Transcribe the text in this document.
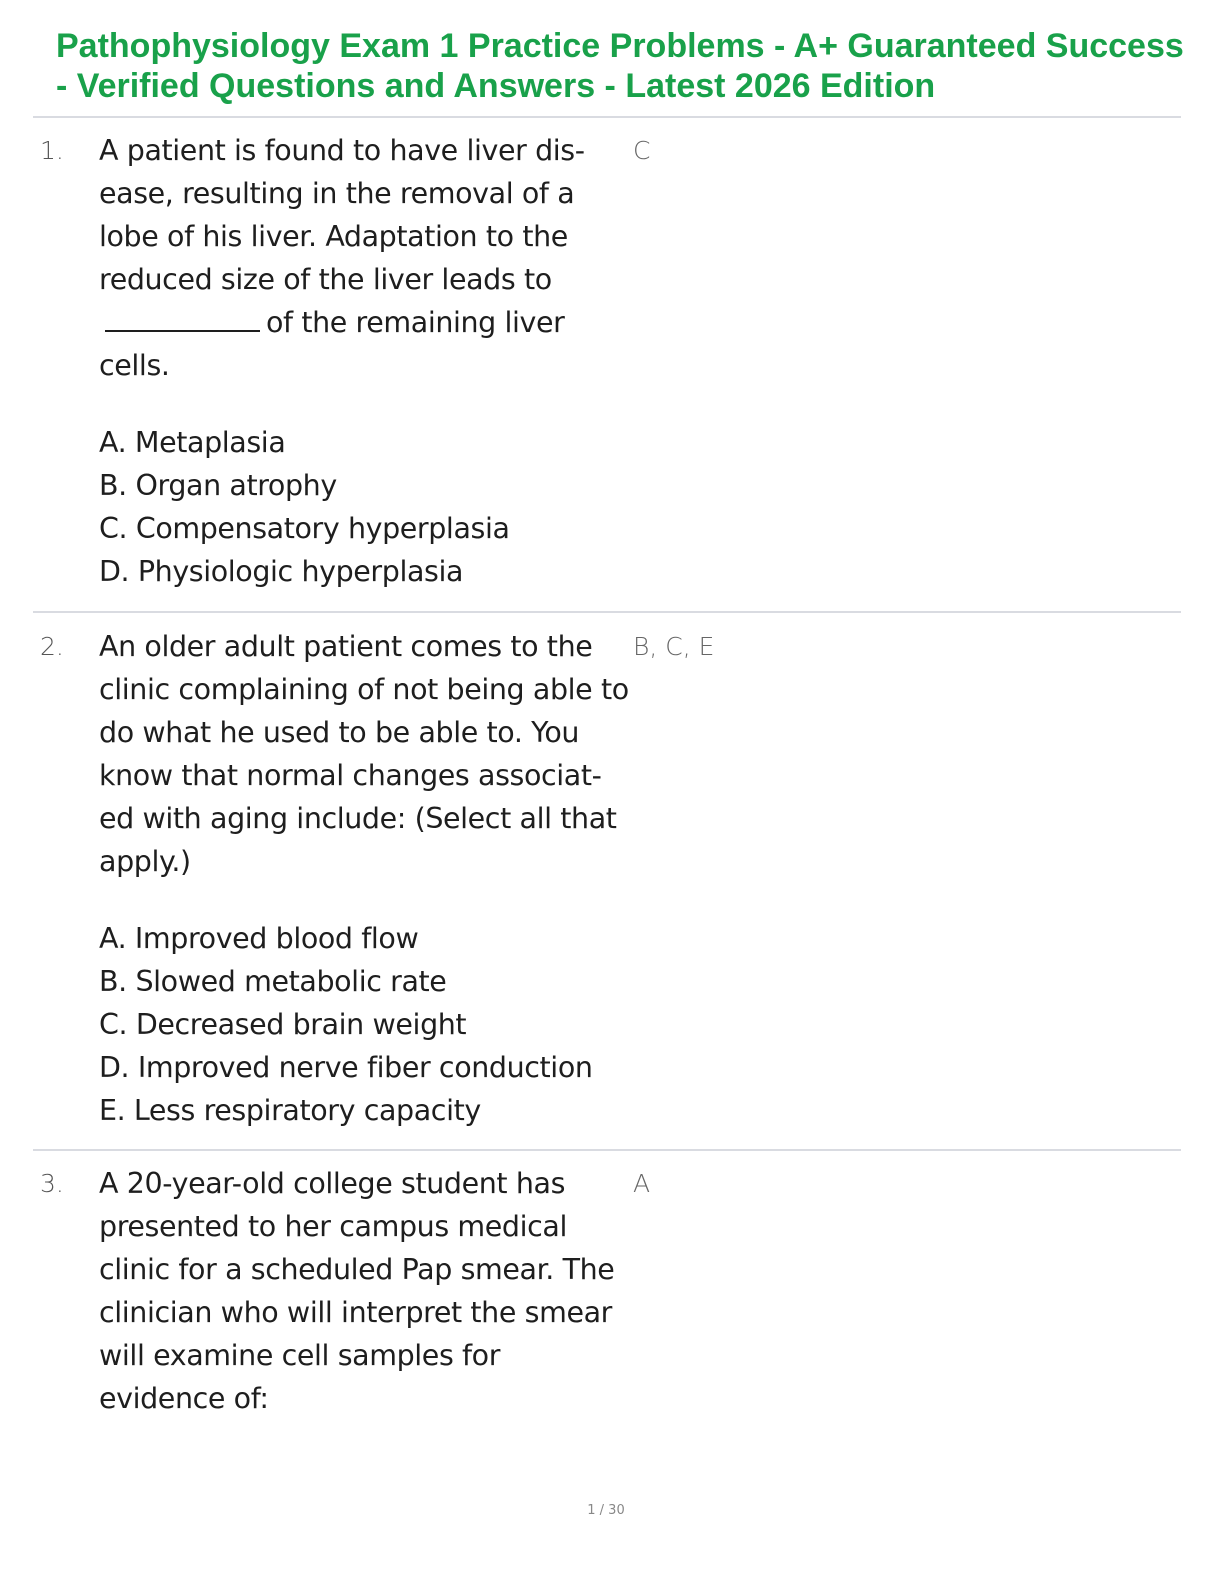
Pathophysiology Exam 1 Practice Problems - A+ Guaranteed Success - Verified Questions and Answers - Latest 2026 Edition
1. A patient is found to have liver dis-ease, resulting in the removal of a lobe of his liver. Adaptation to the reduced size of the liver leads toof the remaining liver cells.

A. Metaplasia
B. Organ atrophy
C. Compensatory hyperplasia
D. Physiologic hyperplasia
C
2. An older adult patient comes to the clinic complaining of not being able to do what he used to be able to. You know that normal changes associat-ed with aging include: (Select all that apply.)

A. Improved blood flow
B. Slowed metabolic rate
C. Decreased brain weight
D. Improved nerve fiber conduction
E. Less respiratory capacity
B, C, E
3. A 20-year-old college student has presented to her campus medical clinic for a scheduled Pap smear. The clinician who will interpret the smear will examine cell samples for evidence of:

A
1 / 30
